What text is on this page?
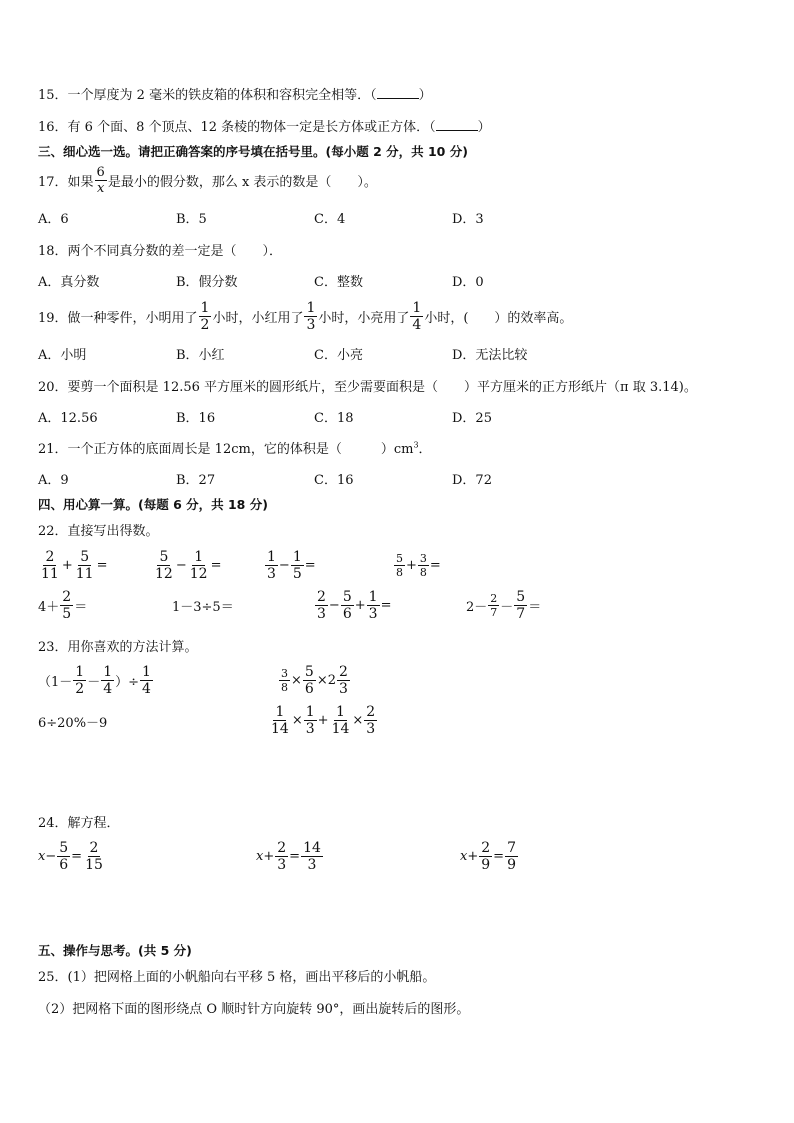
15．一个厚度为 2 毫米的铁皮箱的体积和容积完全相等．（	）
16．有 6 个面、8 个顶点、12 条棱的物体一定是长方体或正方体．（	）
三、细心选一选。请把正确答案的序号填在括号里。(每小题 2 分，共 10 分)
17．如果 $\frac{6}{x}$ 是最小的假分数，那么 x 表示的数是（　　）。
A．6	B．5	C．4	D．3
18．两个不同真分数的差一定是（　　）．
A．真分数	B．假分数	C．整数	D．0
19．做一种零件，小明用了 $\frac{1}{2}$ 小时，小红用了 $\frac{1}{3}$ 小时，小亮用了 $\frac{1}{4}$ 小时，(　　）的效率高。
A．小明	B．小红	C．小亮	D．无法比较
20．要剪一个面积是 12.56 平方厘米的圆形纸片，至少需要面积是（　　）平方厘米的正方形纸片（π 取 3.14)。
A．12.56	B．16	C．18	D．25
21．一个正方体的底面周长是 12cm，它的体积是（　　　）$cm^3$．
A．9	B．27	C．16	D．72
四、用心算一算。(每题 6 分，共 18 分)
22．直接写出得数。
$\frac{2}{11} + \frac{5}{11}$ =	$\frac{5}{12} - \frac{1}{12}$ =	$\frac{1}{3} - \frac{1}{5}$ =	$\frac{5}{8} + \frac{3}{8}$ =
$4+ \frac{2}{5}$ ＝	1－3÷5＝	$\frac{2}{3} - \frac{5}{6} + \frac{1}{3}$ =	$2- \frac{2}{7} - \frac{5}{7}$ ＝
23．用你喜欢的方法计算。
（$1- \frac{1}{2} - \frac{1}{4}$ ）÷ $\frac{1}{4}$	$\frac{3}{8} \times \frac{5}{6} \times 2 \frac{2}{3}$
6÷20%－9	$\frac{1}{14} \times \frac{1}{3} + \frac{1}{14} \times \frac{2}{3}$
24．解方程．
$x - \frac{5}{6} = \frac{2}{15}$	$x + \frac{2}{3} = \frac{14}{3}$	$x + \frac{2}{9} = \frac{7}{9}$
五、操作与思考。(共 5 分)
25．(1）把网格上面的小帆船向右平移 5 格，画出平移后的小帆船。
（2）把网格下面的图形绕点 O 顺时针方向旋转 90°，画出旋转后的图形。
